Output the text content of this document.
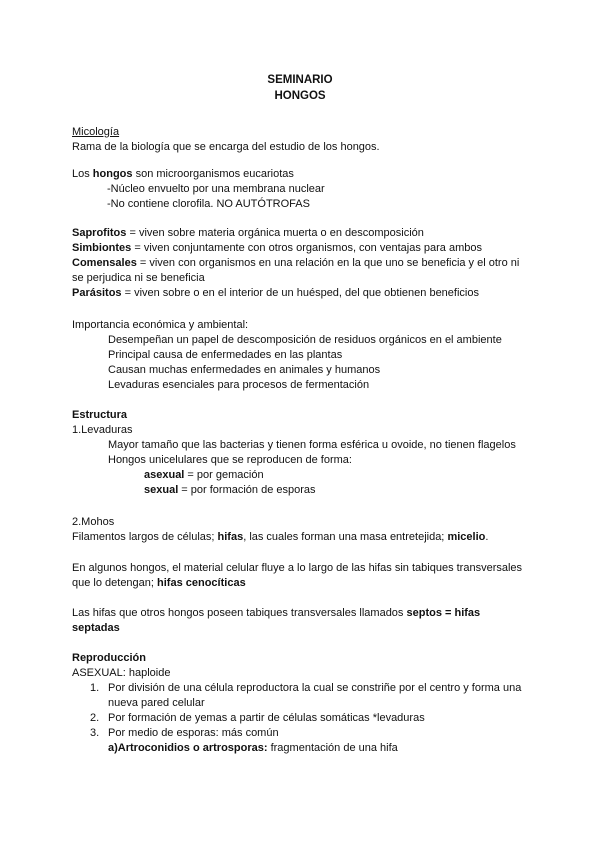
SEMINARIO
HONGOS
Micología
Rama de la biología que se encarga del estudio de los hongos.
Los hongos son microorganismos eucariotas
-Núcleo envuelto por una membrana nuclear
-No contiene clorofila. NO AUTÓTROFAS
Saprofitos = viven sobre materia orgánica muerta o en descomposición
Simbiontes = viven conjuntamente con otros organismos, con ventajas para ambos
Comensales = viven con organismos en una relación en la que uno se beneficia y el otro ni se perjudica ni se beneficia
Parásitos = viven sobre o en el interior de un huésped, del que obtienen beneficios
Importancia económica y ambiental:
Desempeñan un papel de descomposición de residuos orgánicos en el ambiente
Principal causa de enfermedades en las plantas
Causan muchas enfermedades en animales y humanos
Levaduras esenciales para procesos de fermentación
Estructura
1.Levaduras
Mayor tamaño que las bacterias y tienen forma esférica u ovoide, no tienen flagelos
Hongos unicelulares que se reproducen de forma:
asexual = por gemación
sexual = por formación de esporas
2.Mohos
Filamentos largos de células; hifas, las cuales forman una masa entretejida; micelio.
En algunos hongos, el material celular fluye a lo largo de las hifas sin tabiques transversales que lo detengan; hifas cenocíticas
Las hifas que otros hongos poseen tabiques transversales llamados septos = hifas septadas
Reproducción
ASEXUAL: haploide
1. Por división de una célula reproductora la cual se constriñe por el centro y forma una nueva pared celular
2. Por formación de yemas a partir de células somáticas *levaduras
3. Por medio de esporas: más común
a)Artroconidios o artrosporas: fragmentación de una hifa
